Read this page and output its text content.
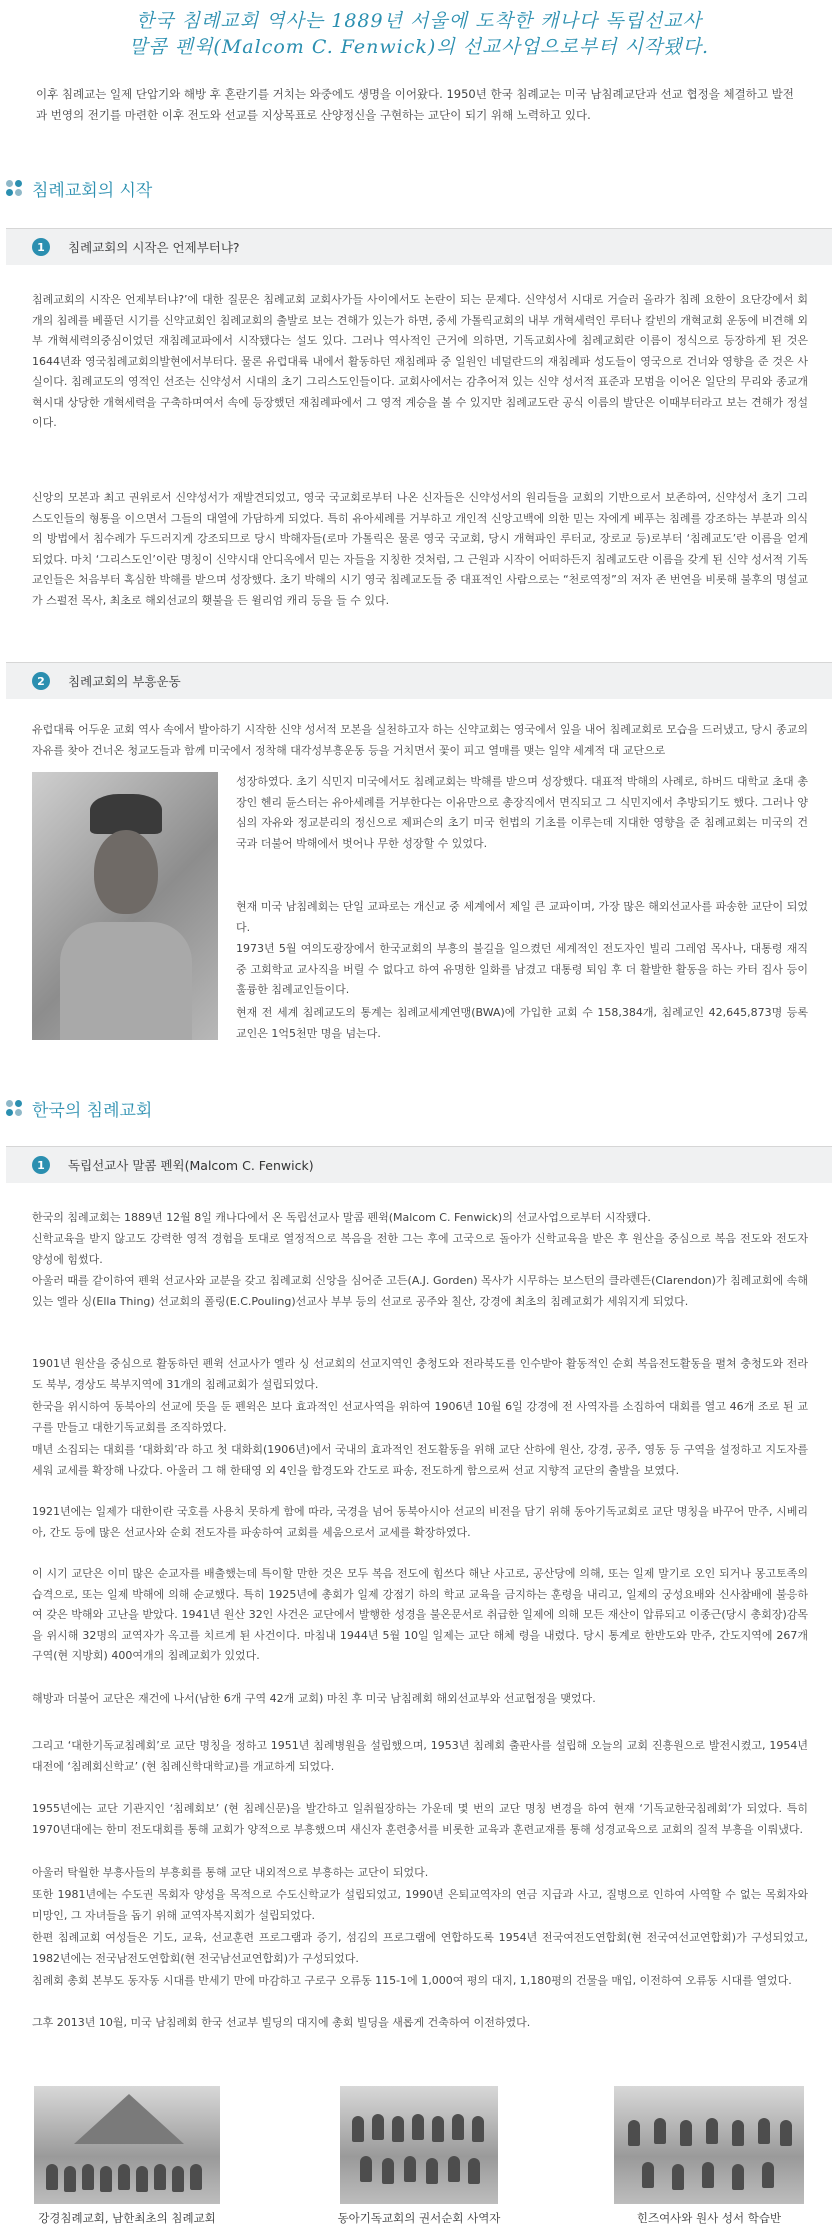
한국 침례교회 역사는 1889년 서울에 도착한 캐나다 독립선교사
말콤 펜윅(Malcom C. Fenwick)의 선교사업으로부터 시작됐다.
이후 침례교는 일제 단압기와 해방 후 혼란기를 거치는 와중에도 생명을 이어왔다. 1950년 한국 침례교는 미국 남침례교단과 선교 협정을 체결하고 발전과 번영의 전기를 마련한 이후 전도와 선교를 지상목표로 산양정신을 구현하는 교단이 되기 위해 노력하고 있다.
침례교회의 시작
1	침례교회의 시작은 언제부터냐?
침례교회의 시작은 언제부터냐?’에 대한 질문은 침례교회 교회사가들 사이에서도 논란이 되는 문제다. 신약성서 시대로 거슬러 올라가 침례 요한이 요단강에서 회개의 침례를 베풀던 시기를 신약교회인 침례교회의 출발로 보는 견해가 있는가 하면, 중세 가톨릭교회의 내부 개혁세력인 루터나 칼빈의 개혁교회 운동에 비견해 외부 개혁세력의중심이었던 재침례교파에서 시작됐다는 설도 있다. 그러나 역사적인 근거에 의하면, 기독교회사에 침례교회란 이름이 정식으로 등장하게 된 것은 1644년좌 영국침례교회의발현에서부터다. 물론 유럽대륙 내에서 활동하던 재침례파 중 일원인 네덜란드의 재침례파 성도들이 영국으로 건너와 영향을 준 것은 사실이다. 침례교도의 영적인 선조는 신약성서 시대의 초기 그리스도인들이다. 교회사에서는 감추어져 있는 신약 성서적 표준과 모범을 이어온 일단의 무리와 종교개혁시대 상당한 개혁세력을 구축하며여서 속에 등장했던 재침례파에서 그 영적 계승을 볼 수 있지만 침례교도란 공식 이름의 발단은 이때부터라고 보는 견해가 정설이다.
신앙의 모본과 최고 권위로서 신약성서가 재발견되었고, 영국 국교회로부터 나온 신자들은 신약성서의 원리들을 교회의 기반으로서 보존하여, 신약성서 초기 그리스도인들의 형통을 이으면서 그들의 대열에 가담하게 되었다. 특히 유아세례를 거부하고 개인적 신앙고백에 의한 믿는 자에게 베푸는 침례를 강조하는 부분과 의식의 방법에서 침수례가 두드러지게 강조되므로 당시 박해자들(로마 가톨릭은 물론 영국 국교회, 당시 개혁파인 루터교, 장로교 등)로부터 ‘침례교도’란 이름을 얻게 되었다. 마치 ‘그리스도인’이란 명칭이 신약시대 안디옥에서 믿는 자들을 지칭한 것처럼, 그 근원과 시작이 어떠하든지 침례교도란 이름을 갖게 된 신약 성서적 기독교인들은 처음부터 혹심한 박해를 받으며 성장했다. 초기 박해의 시기 영국 침례교도들 중 대표적인 사람으로는 “천로역정”의 저자 존 번연을 비롯해 불후의 명설교가 스펄전 목사, 최초로 해외선교의 횃불을 든 윌리엄 캐리 등을 들 수 있다.
2	침례교회의 부흥운동
유럽대륙 어두운 교회 역사 속에서 발아하기 시작한 신약 성서적 모본을 실천하고자 하는 신약교회는 영국에서 잎을 내어 침례교회로 모습을 드러냈고, 당시 종교의 자유를 찾아 건너온 청교도들과 함께 미국에서 정착해 대각성부흥운동 등을 거치면서 꽃이 피고 열매를 맺는 일약 세계적 대 교단으로
성장하였다. 초기 식민지 미국에서도 침례교회는 박해를 받으며 성장했다. 대표적 박해의 사례로, 하버드 대학교 초대 총장인 헨리 듄스터는 유아세례를 거부한다는 이유만으로 총장직에서 면직되고 그 식민지에서 추방되기도 했다. 그러나 양심의 자유와 정교분리의 정신으로 제퍼슨의 초기 미국 헌법의 기초를 이루는데 지대한 영향을 준 침례교회는 미국의 건국과 더불어 박해에서 벗어나 무한 성장할 수 있었다.
현재 미국 남침례회는 단일 교파로는 개신교 중 세계에서 제일 큰 교파이며, 가장 많은 해외선교사를 파송한 교단이 되었다.
1973년 5월 여의도광장에서 한국교회의 부흥의 불길을 일으켰던 세계적인 전도자인 빌리 그레엄 목사나, 대통령 재직 중 고회학교 교사직을 버릴 수 없다고 하여 유명한 일화를 남겼고 대통령 퇴임 후 더 활발한 활동을 하는 카터 집사 등이 훌륭한 침례교인들이다.
현재 전 세계 침례교도의 통계는 침례교세계연맹(BWA)에 가입한 교회 수 158,384개, 침례교인 42,645,873명 등록 교인은 1억5천만 명을 넘는다.
한국의 침례교회
1	독립선교사 말콤 펜윅(Malcom C. Fenwick)
한국의 침례교회는 1889년 12월 8일 캐나다에서 온 독립선교사 말콤 펜윅(Malcom C. Fenwick)의 선교사업으로부터 시작됐다.
신학교육을 받지 않고도 강력한 영적 경험을 토대로 열정적으로 복음을 전한 그는 후에 고국으로 돌아가 신학교육을 받은 후 원산을 중심으로 복음 전도와 전도자 양성에 힘썼다.
아울러 때를 같이하여 펜윅 선교사와 교분을 갖고 침례교회 신앙을 심어준 고든(A.J. Gorden) 목사가 시무하는 보스턴의 클라렌든(Clarendon)가 침례교회에 속해 있는 엘라 싱(Ella Thing) 선교회의 폴링(E.C.Pouling)선교사 부부 등의 선교로 공주와 칠산, 강경에 최초의 침례교회가 세워지게 되었다.
1901년 원산을 중심으로 활동하던 펜윅 선교사가 엘라 싱 선교회의 선교지역인 충청도와 전라북도를 인수받아 활동적인 순회 복음전도활동을 펼쳐 충청도와 전라도 북부, 경상도 북부지역에 31개의 침례교회가 설립되었다.
한국을 위시하여 동북아의 선교에 뜻을 둔 펜윅은 보다 효과적인 선교사역을 위하여 1906년 10월 6일 강경에 전 사역자를 소집하여 대회를 열고 46개 조로 된 교구를 만들고 대한기독교회를 조직하였다.
매년 소집되는 대회를 ‘대화회’라 하고 첫 대화회(1906년)에서 국내의 효과적인 전도활동을 위해 교단 산하에 원산, 강경, 공주, 영동 등 구역을 설정하고 지도자를 세워 교세를 확장해 나갔다. 아울러 그 해 한태영 외 4인을 함경도와 간도로 파송, 전도하게 함으로써 선교 지향적 교단의 출발을 보였다.
1921년에는 일제가 대한이란 국호를 사용치 못하게 함에 따라, 국경을 넘어 동북아시아 선교의 비전을 담기 위해 동아기독교회로 교단 명칭을 바꾸어 만주, 시베리아, 간도 등에 많은 선교사와 순회 전도자를 파송하여 교회를 세움으로서 교세를 확장하였다.
이 시기 교단은 이미 많은 순교자를 배출했는데 특이할 만한 것은 모두 복음 전도에 힘쓰다 해난 사고로, 공산당에 의해, 또는 일제 말기로 오인 되거나 몽고토족의 습격으로, 또는 일제 박해에 의해 순교했다. 특히 1925년에 총회가 일제 강점기 하의 학교 교육을 금지하는 훈령을 내리고, 일제의 궁성요배와 신사참배에 불응하여 갖은 박해와 고난을 받았다. 1941년 원산 32인 사건은 교단에서 발행한 성경을 불온문서로 취급한 일제에 의해 모든 재산이 압류되고 이종근(당시 총회장)감목을 위시해 32명의 교역자가 옥고를 치르게 된 사건이다. 마침내 1944년 5월 10일 일제는 교단 해체 령을 내렸다. 당시 통계로 한반도와 만주, 간도지역에 267개 구역(현 지방회) 400여개의 침례교회가 있었다.
해방과 더불어 교단은 재건에 나서(남한 6개 구역 42개 교회) 마친 후 미국 남침례회 해외선교부와 선교협정을 맺었다.
그리고 ‘대한기독교침례회’로 교단 명칭을 정하고 1951년 침례병원을 설립했으며, 1953년 침례회 출판사를 설립해 오늘의 교회 진흥원으로 발전시켰고, 1954년 대전에 ‘침례회신학교’ (현 침례신학대학교)를 개교하게 되었다.
1955년에는 교단 기관지인 ‘침례회보’ (현 침례신문)을 발간하고 일취월장하는 가운데 몇 번의 교단 명칭 변경을 하여 현재 ‘기독교한국침례회’가 되었다. 특히 1970년대에는 한미 전도대회를 통해 교회가 양적으로 부흥했으며 새신자 훈련충서를 비롯한 교육과 훈련교재를 통해 성경교육으로 교회의 질적 부흥을 이뤄냈다.
아울러 탁월한 부흥사들의 부흥회를 통해 교단 내외적으로 부흥하는 교단이 되었다.
또한 1981년에는 수도권 목회자 양성을 목적으로 수도신학교가 설립되었고, 1990년 은퇴교역자의 연금 지급과 사고, 질병으로 인하여 사역할 수 없는 목회자와 미망인, 그 자녀들을 돕기 위해 교역자복지회가 설립되었다.
한편 침례교회 여성들은 기도, 교육, 선교훈련 프로그램과 증기, 섬김의 프로그램에 연합하도록 1954년 전국여전도연합회(현 전국여선교연합회)가 구성되었고, 1982년에는 전국남전도연합회(현 전국남선교연합회)가 구성되었다.
침례회 총회 본부도 동자동 시대를 반세기 만에 마감하고 구로구 오류동 115-1에 1,000여 평의 대지, 1,180평의 건물을 매입, 이전하여 오류동 시대를 열었다.
그후 2013년 10월, 미국 남침례회 한국 선교부 빌딩의 대지에 총회 빌딩을 새롭게 건축하여 이전하였다.
강경침례교회, 남한최초의 침례교회	동아기독교회의 권서순회 사역자	힌즈여사와 원사 성서 학습반
